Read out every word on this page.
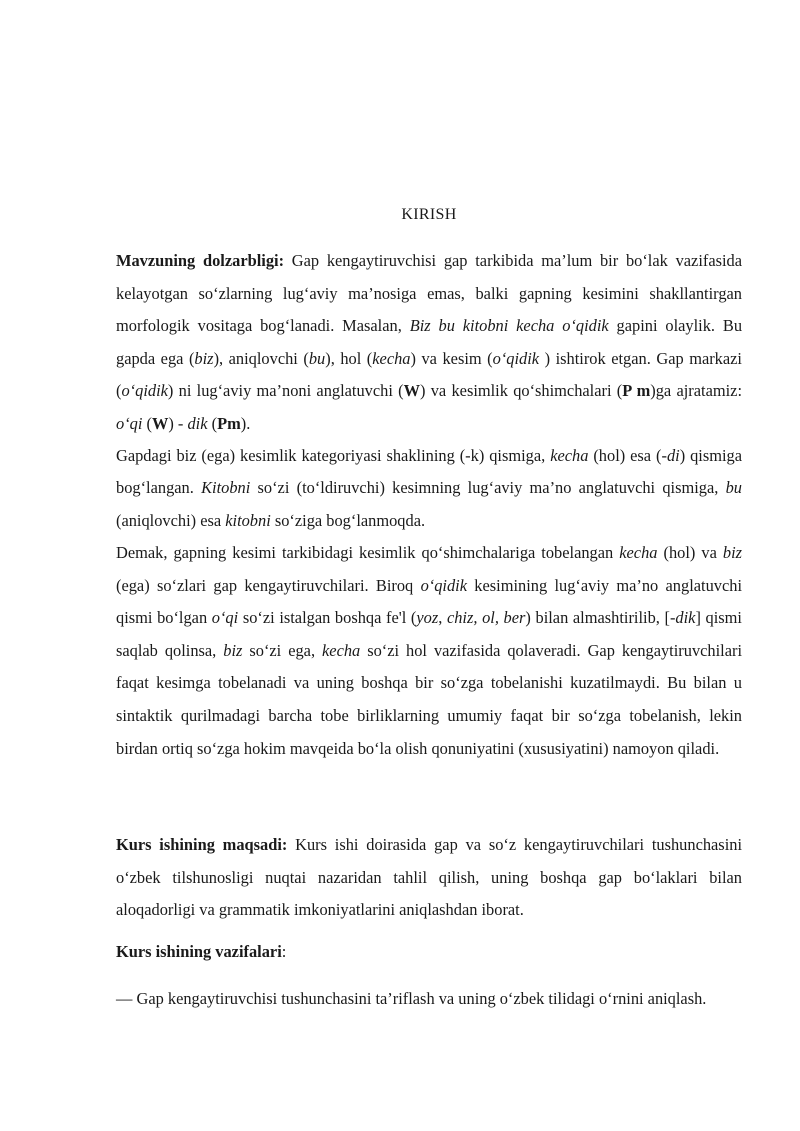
KIRISH

Mavzuning dolzarbligi: Gap kengaytiruvchisi gap tarkibida ma’lum bir bo‘lak vazifasida kelayotgan so‘zlarning lug‘aviy ma’nosiga emas, balki gapning kesimini shakllantirgan morfologik vositaga bog‘lanadi. Masalan, Biz bu kitobni kecha o‘qidik gapini olaylik. Bu gapda ega (biz), aniqlovchi (bu), hol (kecha) va kesim (o‘qidik ) ishtirok etgan. Gap markazi (o‘qidik) ni lug‘aviy ma’noni anglatuvchi (W) va kesimlik qo‘shimchalari (P m)ga ajratamiz: o‘qi (W) - dik (Pm).

Gapdagi biz (ega) kesimlik kategoriyasi shaklining (-k) qismiga, kecha (hol) esa (-di) qismiga bog‘langan. Kitobni so‘zi (to‘ldiruvchi) kesimning lug‘aviy ma’no anglatuvchi qismiga, bu (aniqlovchi) esa kitobni so‘ziga bog‘lanmoqda.

Demak, gapning kesimi tarkibidagi kesimlik qo‘shimchalariga tobelangan kecha (hol) va biz (ega) so‘zlari gap kengaytiruvchilari. Biroq o‘qidik kesimining lug‘aviy ma’no anglatuvchi qismi bo‘lgan o‘qi so‘zi istalgan boshqa fe'l (yoz, chiz, ol, ber) bilan almashtirilib, [-dik] qismi saqlab qolinsa, biz so‘zi ega, kecha so‘zi hol vazifasida qolaveradi. Gap kengaytiruvchilari faqat kesimga tobelanadi va uning boshqa bir so‘zga tobelanishi kuzatilmaydi. Bu bilan u sintaktik qurilmadagi barcha tobe birliklarning umumiy faqat bir so‘zga tobelanish, lekin birdan ortiq so‘zga hokim mavqeida bo‘la olish qonuniyatini (xususiyatini) namoyon qiladi.

Kurs ishining maqsadi: Kurs ishi doirasida gap va so‘z kengaytiruvchilari tushunchasini o‘zbek tilshunosligi nuqtai nazaridan tahlil qilish, uning boshqa gap bo‘laklari bilan aloqadorligi va grammatik imkoniyatlarini aniqlashdan iborat.

Kurs ishining vazifalari:

— Gap kengaytiruvchisi tushunchasini ta’riflash va uning o‘zbek tilidagi o‘rnini aniqlash.
